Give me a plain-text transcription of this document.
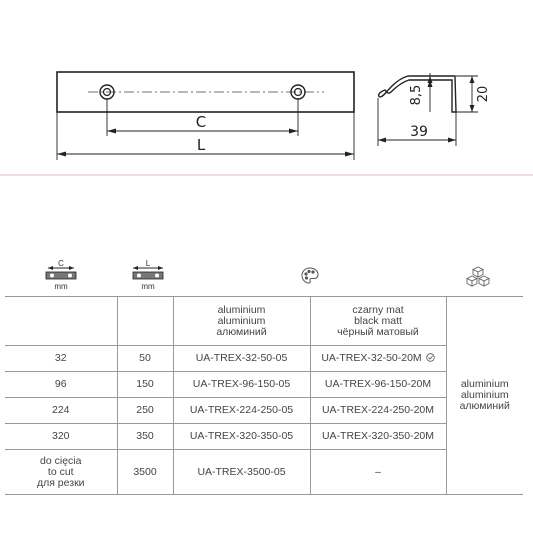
C
L
8,5	20
39
C
mm
L
mm

		aluminium
aluminium
алюминий	czarny mat
black matt
чёрный матовый	aluminium
aluminium
алюминий

32	50	UA-TREX-32-50-05	UA-TREX-32-50-20M	
96	150	UA-TREX-96-150-05	UA-TREX-96-150-20M	
224	250	UA-TREX-224-250-05	UA-TREX-224-250-20M	
320	350	UA-TREX-320-350-05	UA-TREX-320-350-20M	

do cięcia
to cut
для резки	3500	UA-TREX-3500-05	–	
